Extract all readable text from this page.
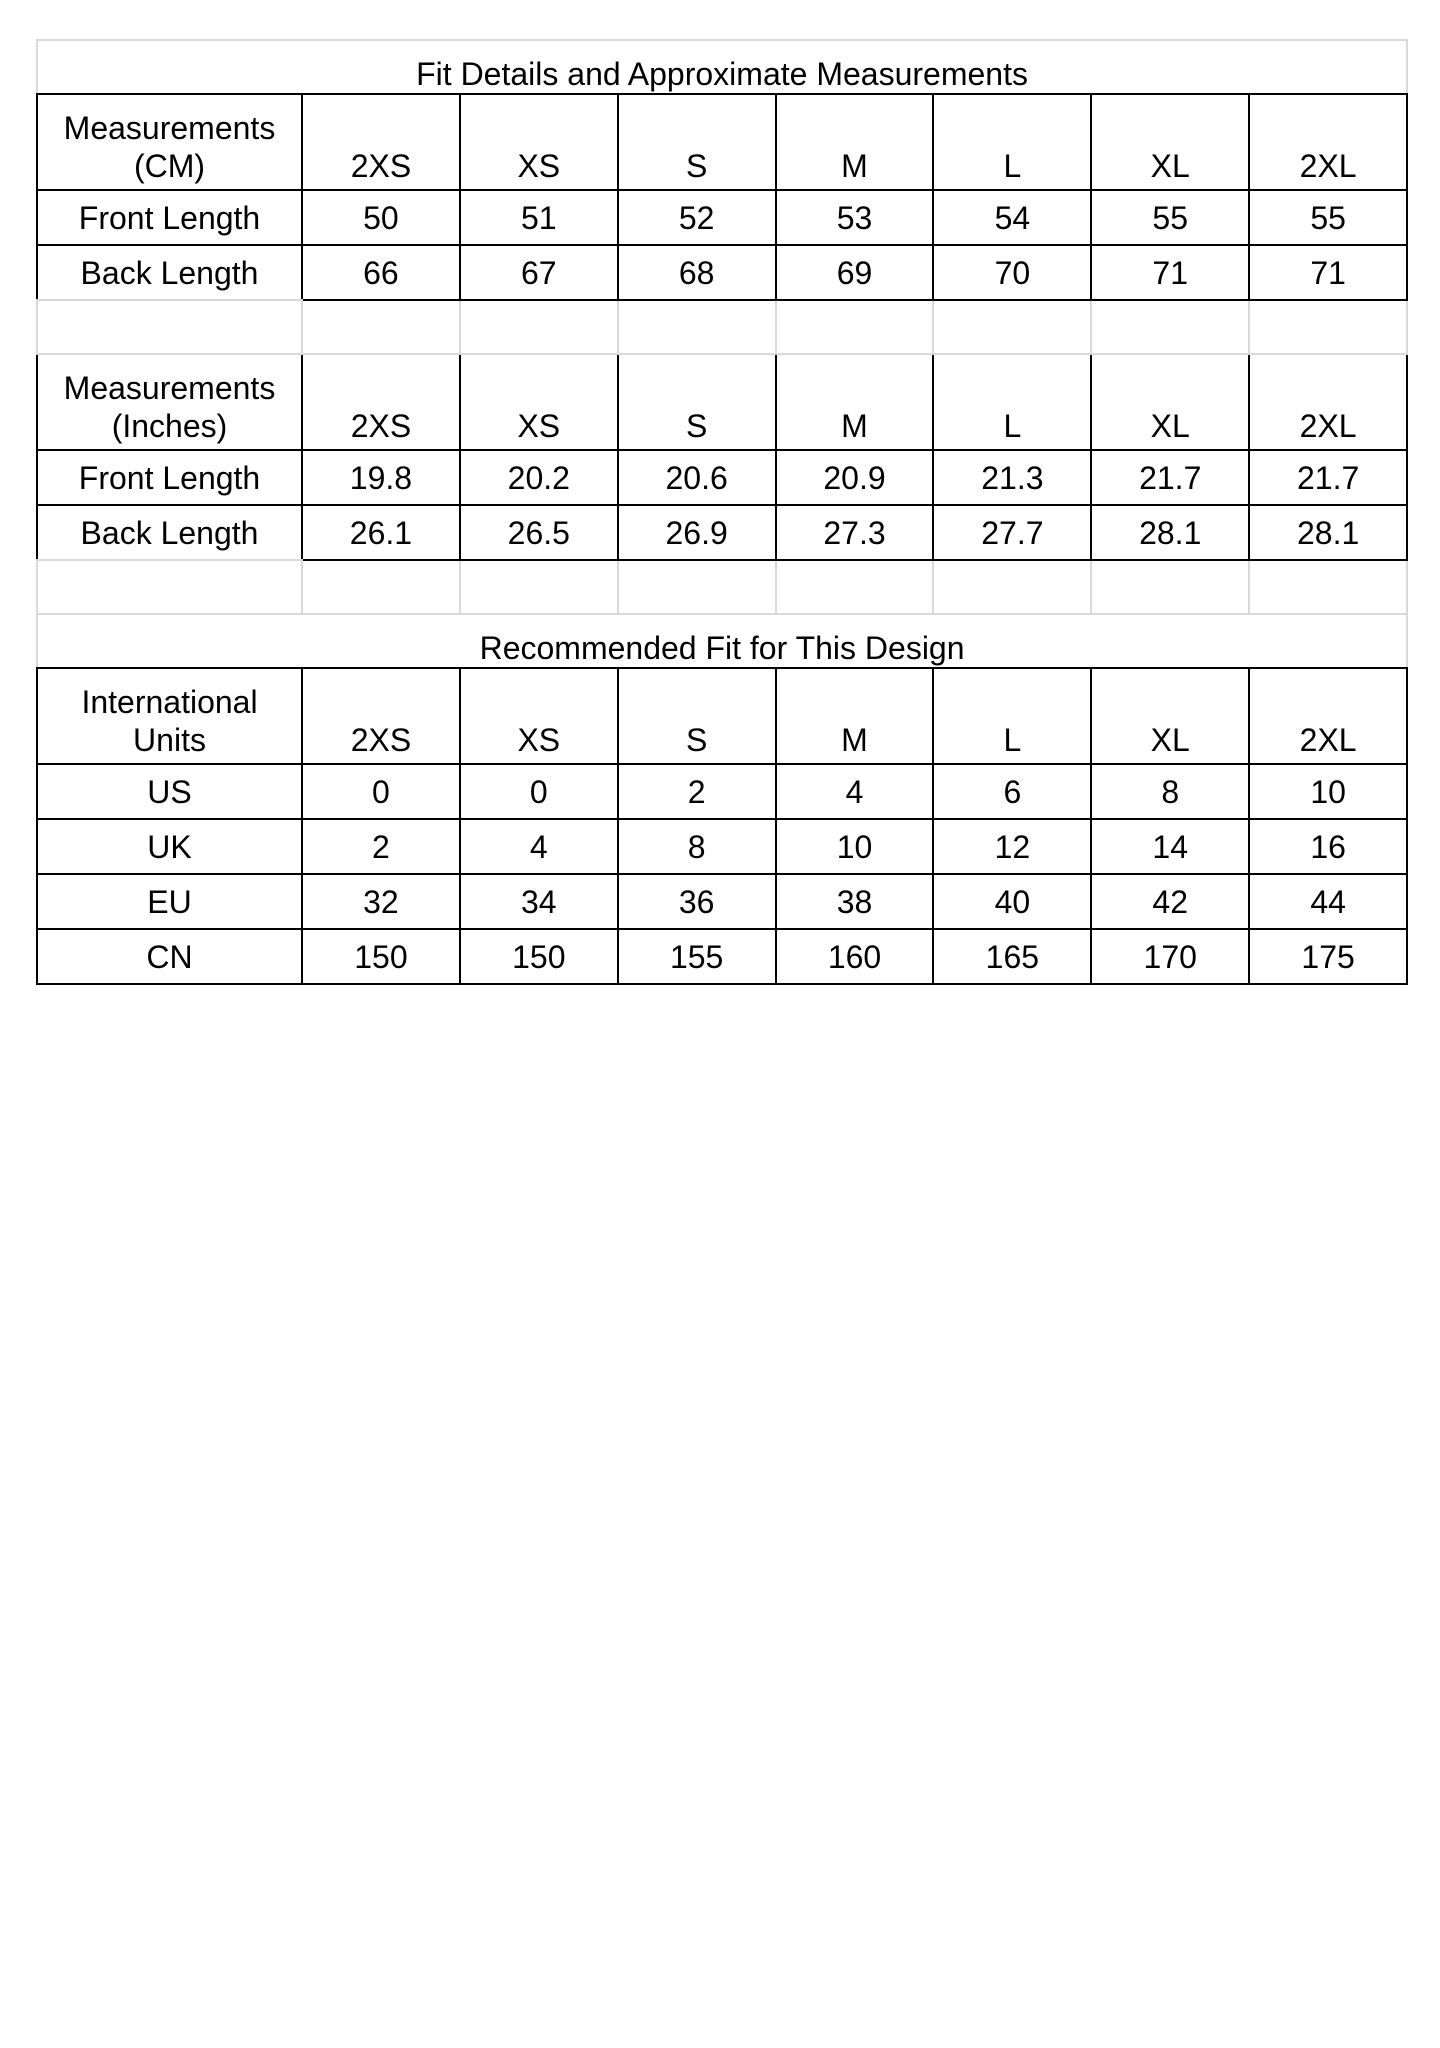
Fit Details and Approximate Measurements							
Measurements
(CM)	2XS	XS	S	M	L	XL	2XL
Front Length	50	51	52	53	54	55	55
Back Length	66	67	68	69	70	71	71

Measurements
(Inches)	2XS	XS	S	M	L	XL	2XL
Front Length	19.8	20.2	20.6	20.9	21.3	21.7	21.7
Back Length	26.1	26.5	26.9	27.3	27.7	28.1	28.1

Recommended Fit for This Design							
International
Units	2XS	XS	S	M	L	XL	2XL
US	0	0	2	4	6	8	10
UK	2	4	8	10	12	14	16
EU	32	34	36	38	40	42	44
CN	150	150	155	160	165	170	175
